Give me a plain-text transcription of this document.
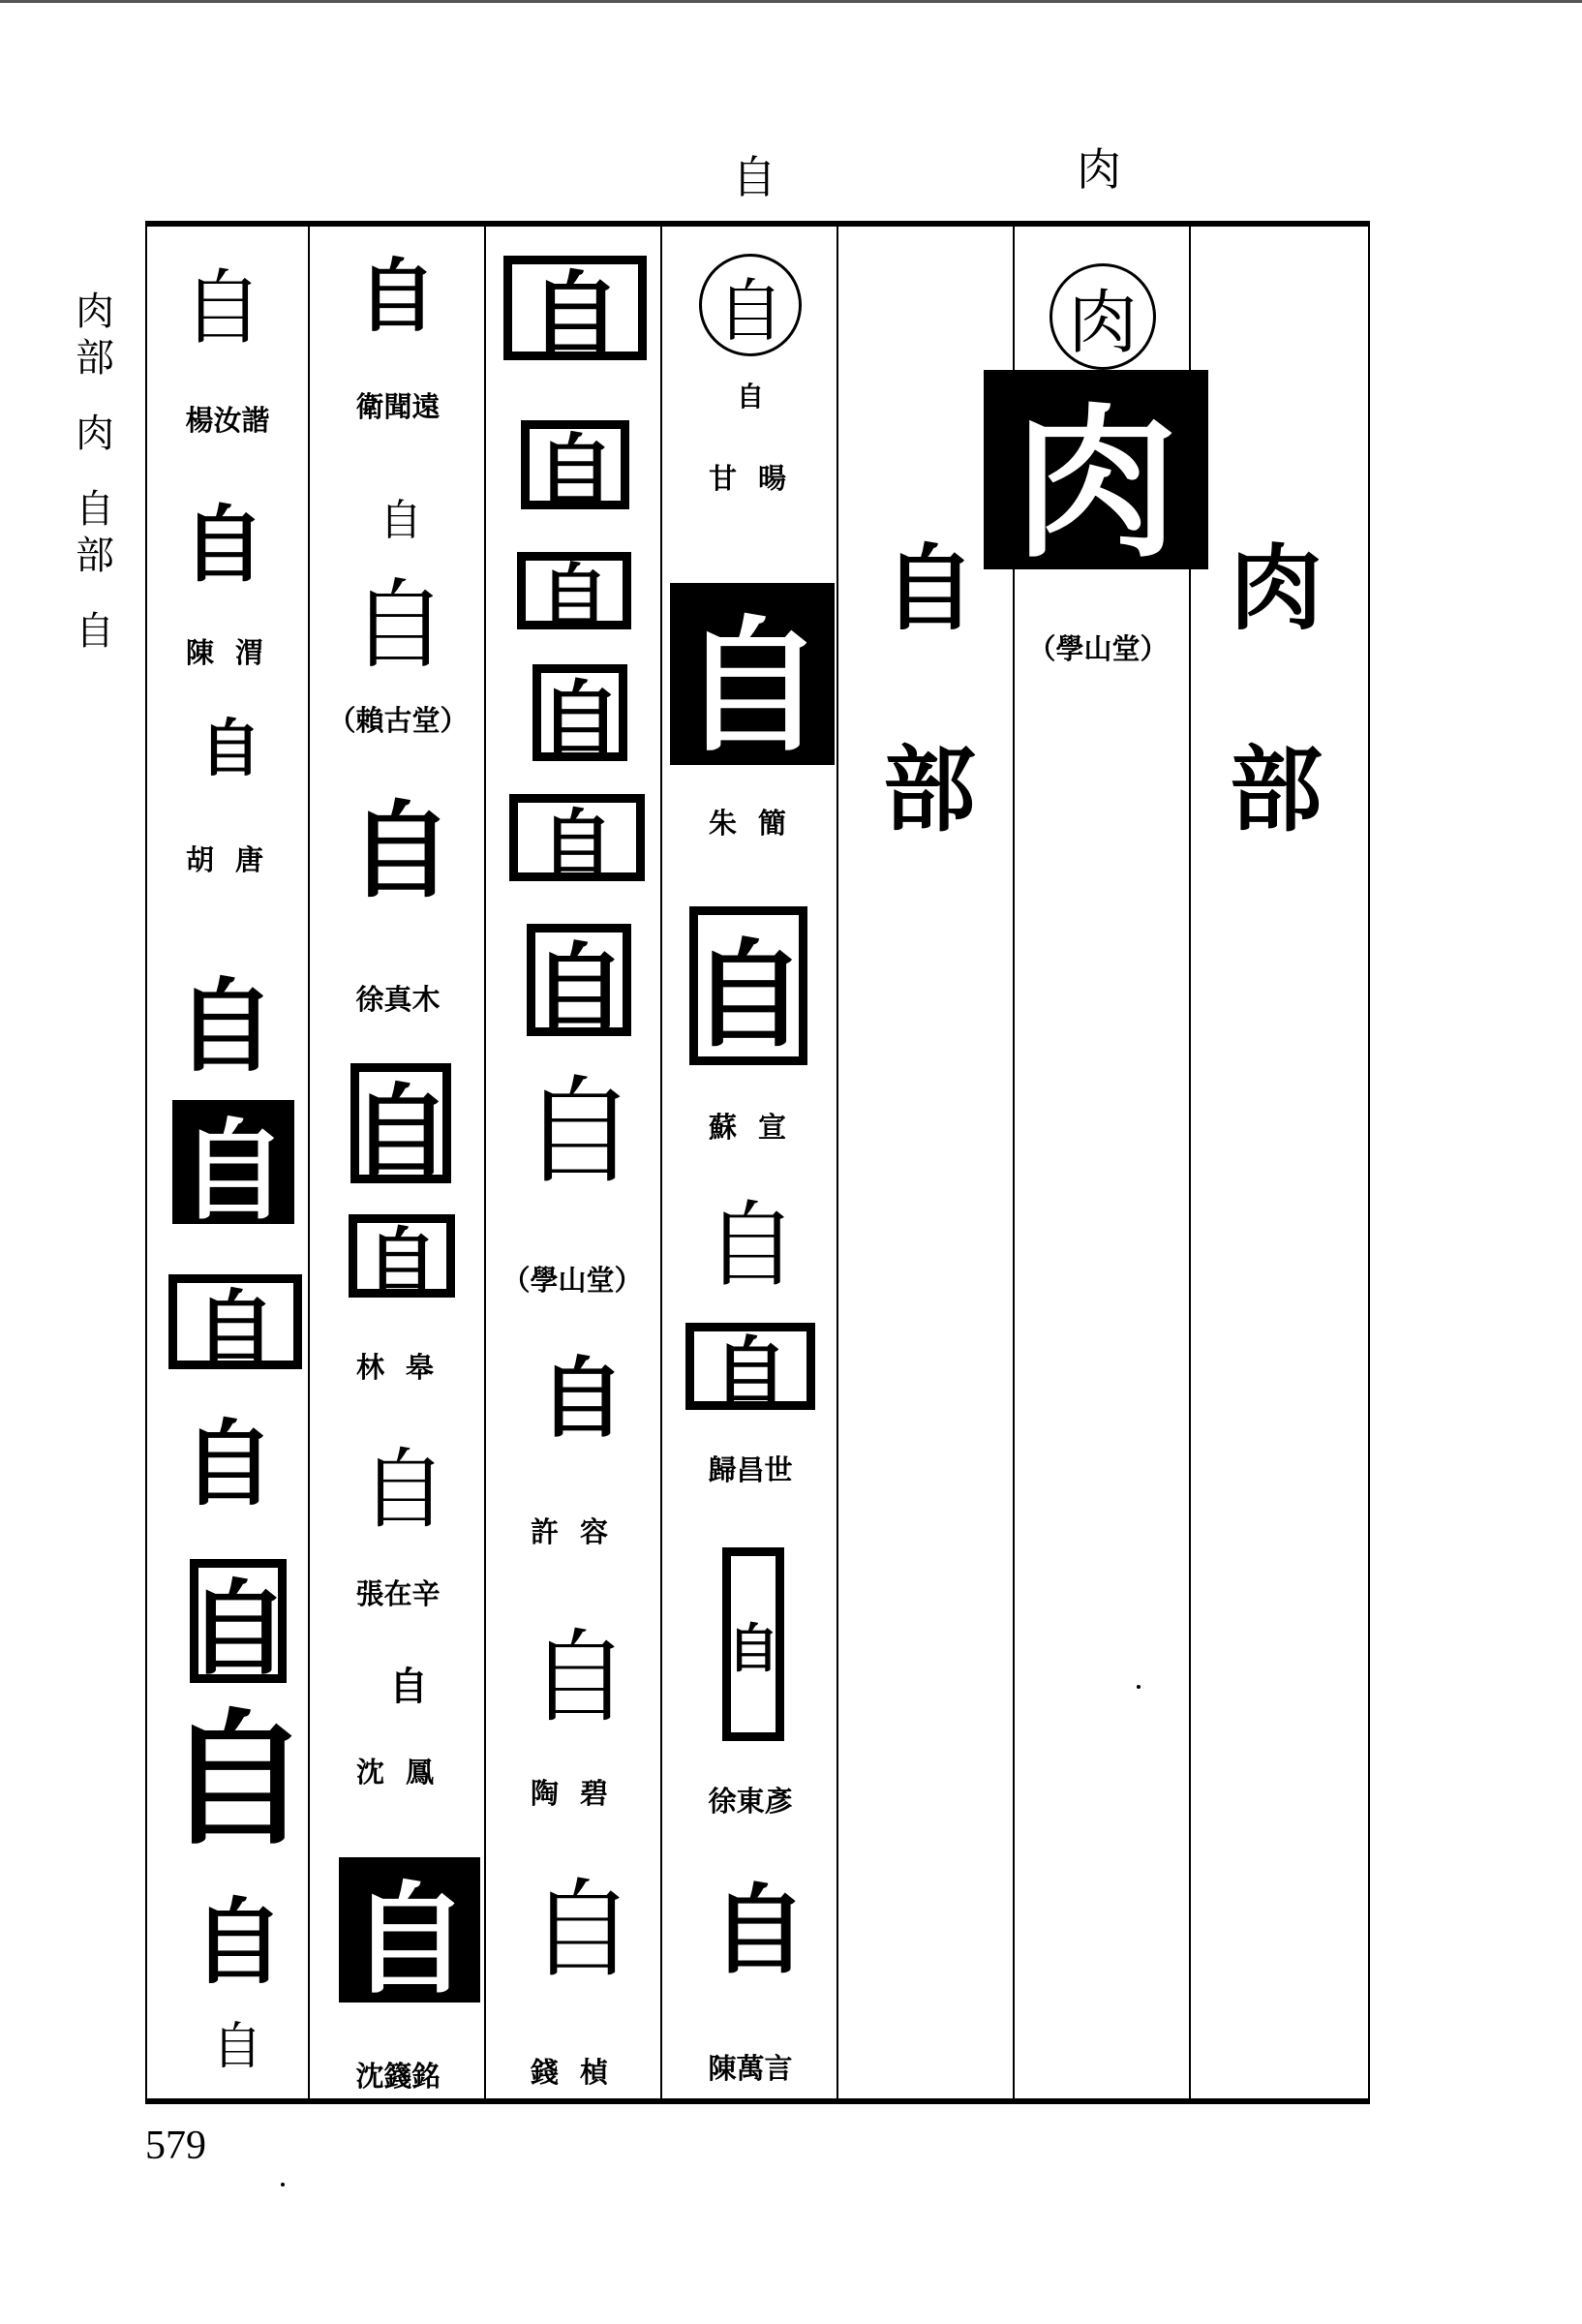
自	肉
肉
部
肉
自
部
自	肉
部
肉
肉
（學山堂）
自
部
自
自
甘 暘
自
朱 簡
自
蘇 宣
自
自
歸昌世
自
徐東彥
自
陳萬言
自
自
自
自
自
自
自
（學山堂）
自
許 容
自
陶 碧
自
錢 楨
自
衛聞遠
自
自
（賴古堂）
自
徐真木
自
自
林 皋
自
張在辛
自
沈 鳳
自
沈籛銘
自
楊汝諧
自
陳 渭
自
胡 唐
自
自
自
自
自
自
自
自
579
